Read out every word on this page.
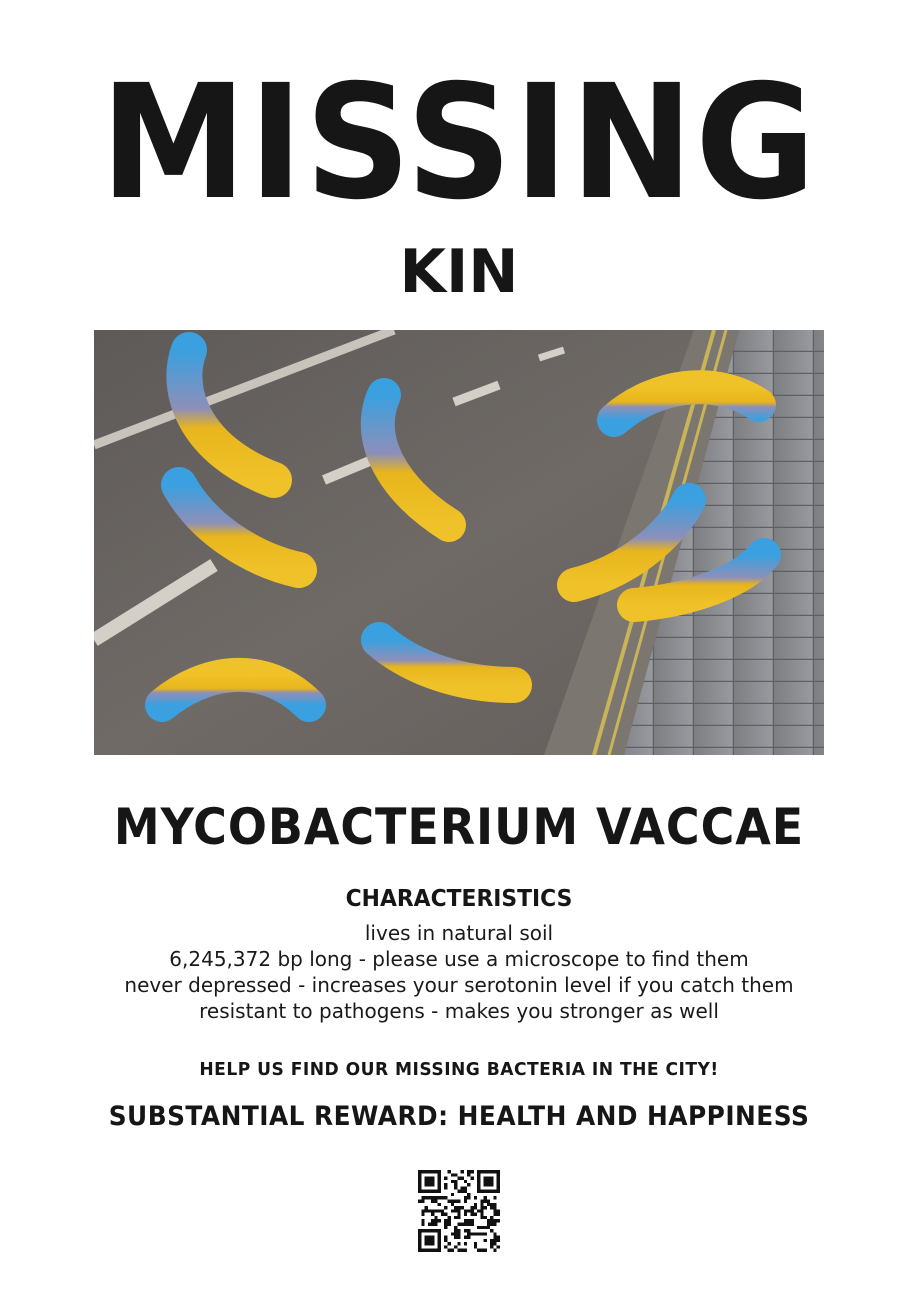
MISSING
KIN
MYCOBACTERIUM VACCAE
CHARACTERISTICS
lives in natural soil
6,245,372 bp long - please use a microscope to find them
never depressed - increases your serotonin level if you catch them
resistant to pathogens - makes you stronger as well

HELP US FIND OUR MISSING BACTERIA IN THE CITY!

SUBSTANTIAL REWARD: HEALTH AND HAPPINESS
